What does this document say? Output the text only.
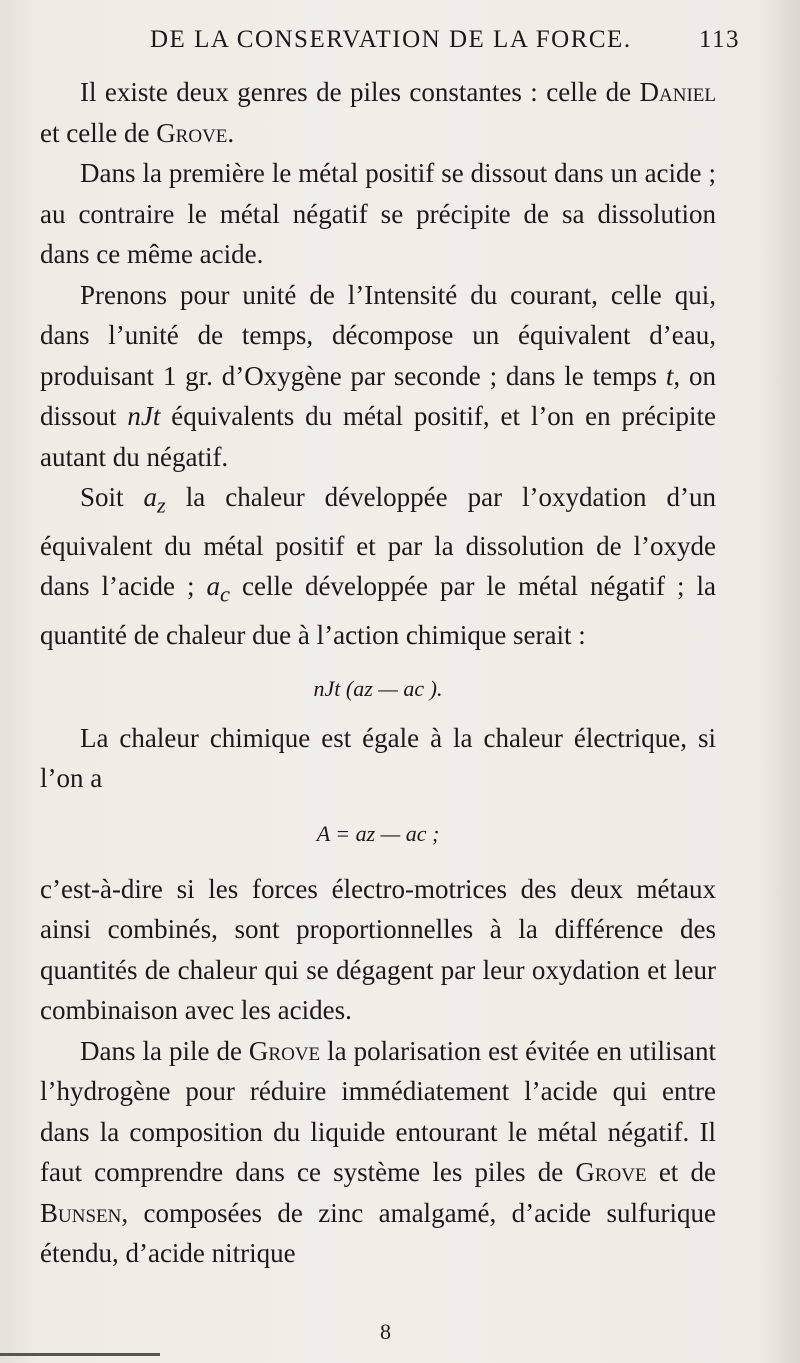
DE LA CONSERVATION DE LA FORCE.	113

Il existe deux genres de piles constantes : celle de Daniel et celle de Grove.

Dans la première le métal positif se dissout dans un acide ; au contraire le métal négatif se précipite de sa dissolution dans ce même acide.

Prenons pour unité de l’Intensité du courant, celle qui, dans l’unité de temps, décompose un équivalent d’eau, produisant 1 gr. d’Oxygène par seconde ; dans le temps t, on dissout nJt équivalents du métal positif, et l’on en précipite autant du négatif.

Soit $a_z$ la chaleur développée par l’oxydation d’un équivalent du métal positif et par la dissolution de l’oxyde dans l’acide ; $a_c$ celle développée par le métal négatif ; la quantité de chaleur due à l’action chimique serait :

nJt (az — ac ).

La chaleur chimique est égale à la chaleur électrique, si l’on a

A = az — ac ;

c’est-à-dire si les forces électro-motrices des deux métaux ainsi combinés, sont proportionnelles à la différence des quantités de chaleur qui se dégagent par leur oxydation et leur combinaison avec les acides.

Dans la pile de Grove la polarisation est évitée en utilisant l’hydrogène pour réduire immédiatement l’acide qui entre dans la composition du liquide entourant le métal négatif. Il faut comprendre dans ce système les piles de Grove et de Bunsen, composées de zinc amalgamé, d’acide sulfurique étendu, d’acide nitrique

8
